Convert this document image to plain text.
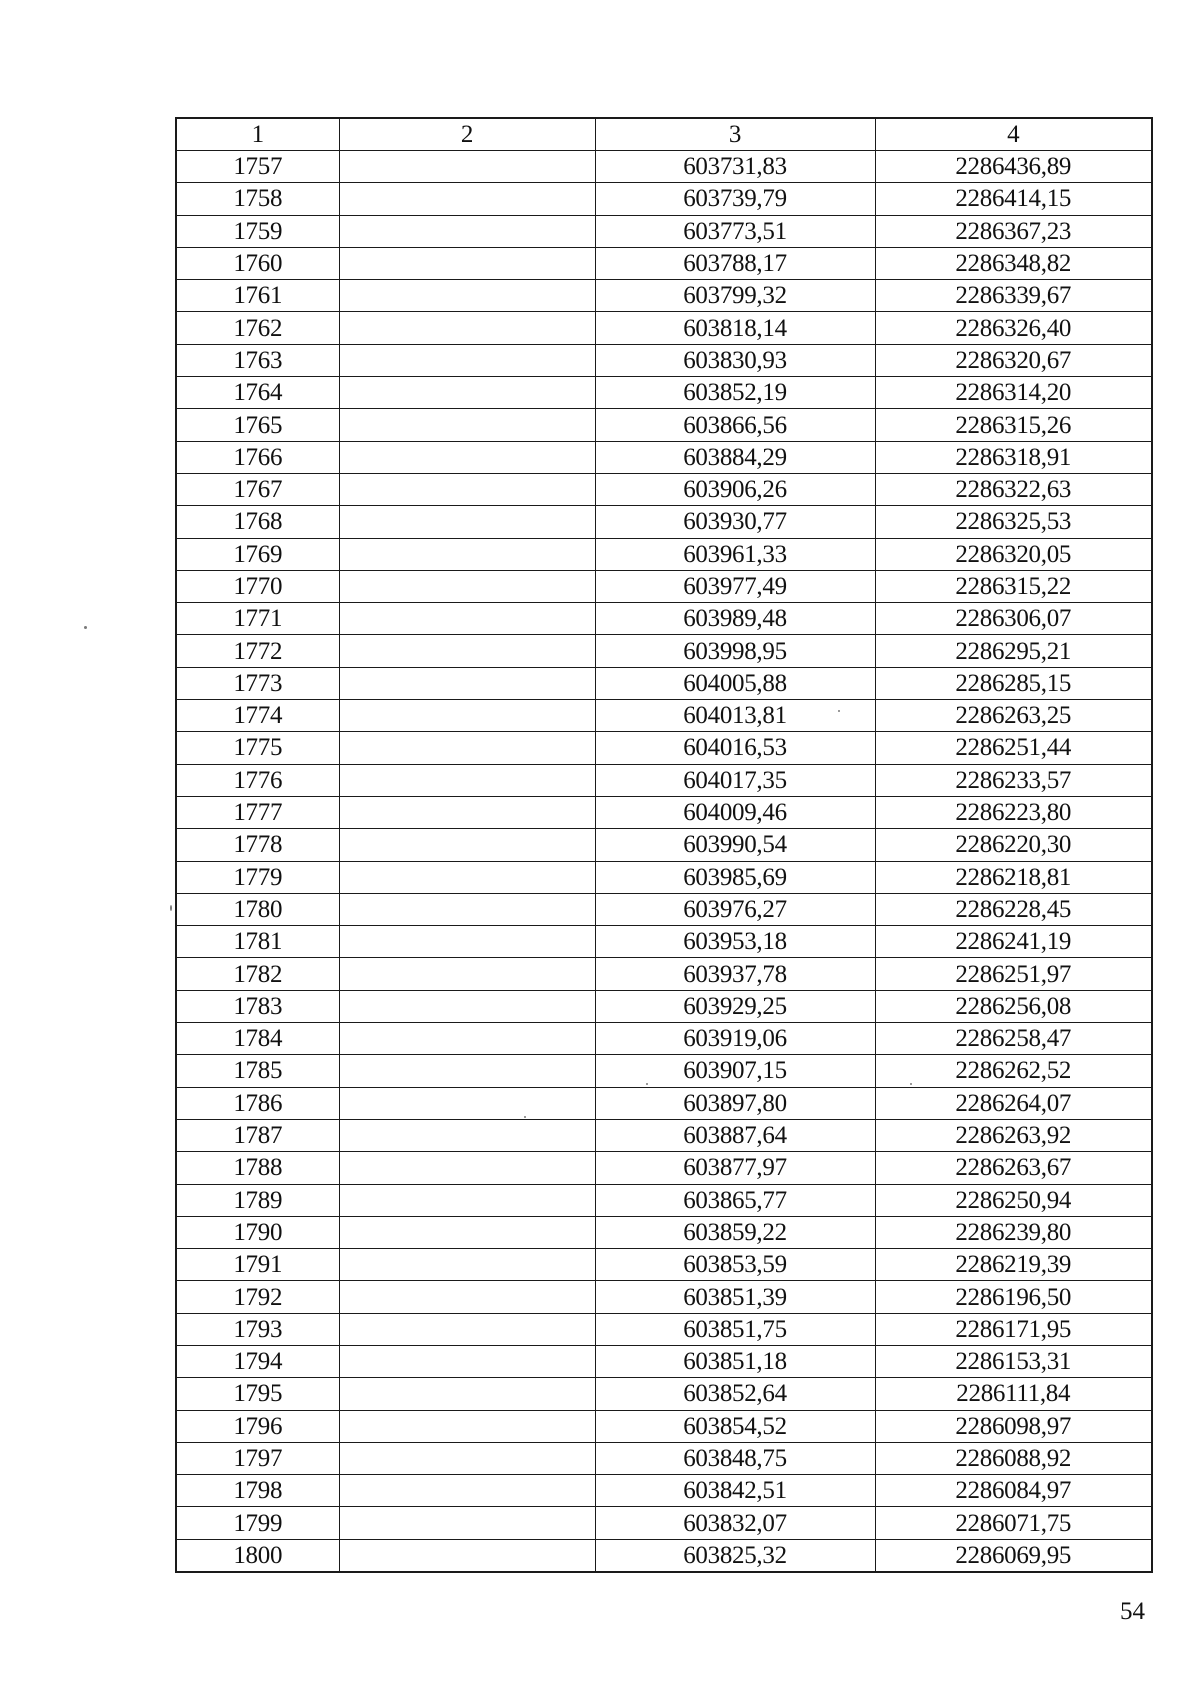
1	2	3	4
1757		603731,83	2286436,89
1758		603739,79	2286414,15
1759		603773,51	2286367,23
1760		603788,17	2286348,82
1761		603799,32	2286339,67
1762		603818,14	2286326,40
1763		603830,93	2286320,67
1764		603852,19	2286314,20
1765		603866,56	2286315,26
1766		603884,29	2286318,91
1767		603906,26	2286322,63
1768		603930,77	2286325,53
1769		603961,33	2286320,05
1770		603977,49	2286315,22
1771		603989,48	2286306,07
1772		603998,95	2286295,21
1773		604005,88	2286285,15
1774		604013,81	2286263,25
1775		604016,53	2286251,44
1776		604017,35	2286233,57
1777		604009,46	2286223,80
1778		603990,54	2286220,30
1779		603985,69	2286218,81
1780		603976,27	2286228,45
1781		603953,18	2286241,19
1782		603937,78	2286251,97
1783		603929,25	2286256,08
1784		603919,06	2286258,47
1785		603907,15	2286262,52
1786		603897,80	2286264,07
1787		603887,64	2286263,92
1788		603877,97	2286263,67
1789		603865,77	2286250,94
1790		603859,22	2286239,80
1791		603853,59	2286219,39
1792		603851,39	2286196,50
1793		603851,75	2286171,95
1794		603851,18	2286153,31
1795		603852,64	2286111,84
1796		603854,52	2286098,97
1797		603848,75	2286088,92
1798		603842,51	2286084,97
1799		603832,07	2286071,75
1800		603825,32	2286069,95
54
